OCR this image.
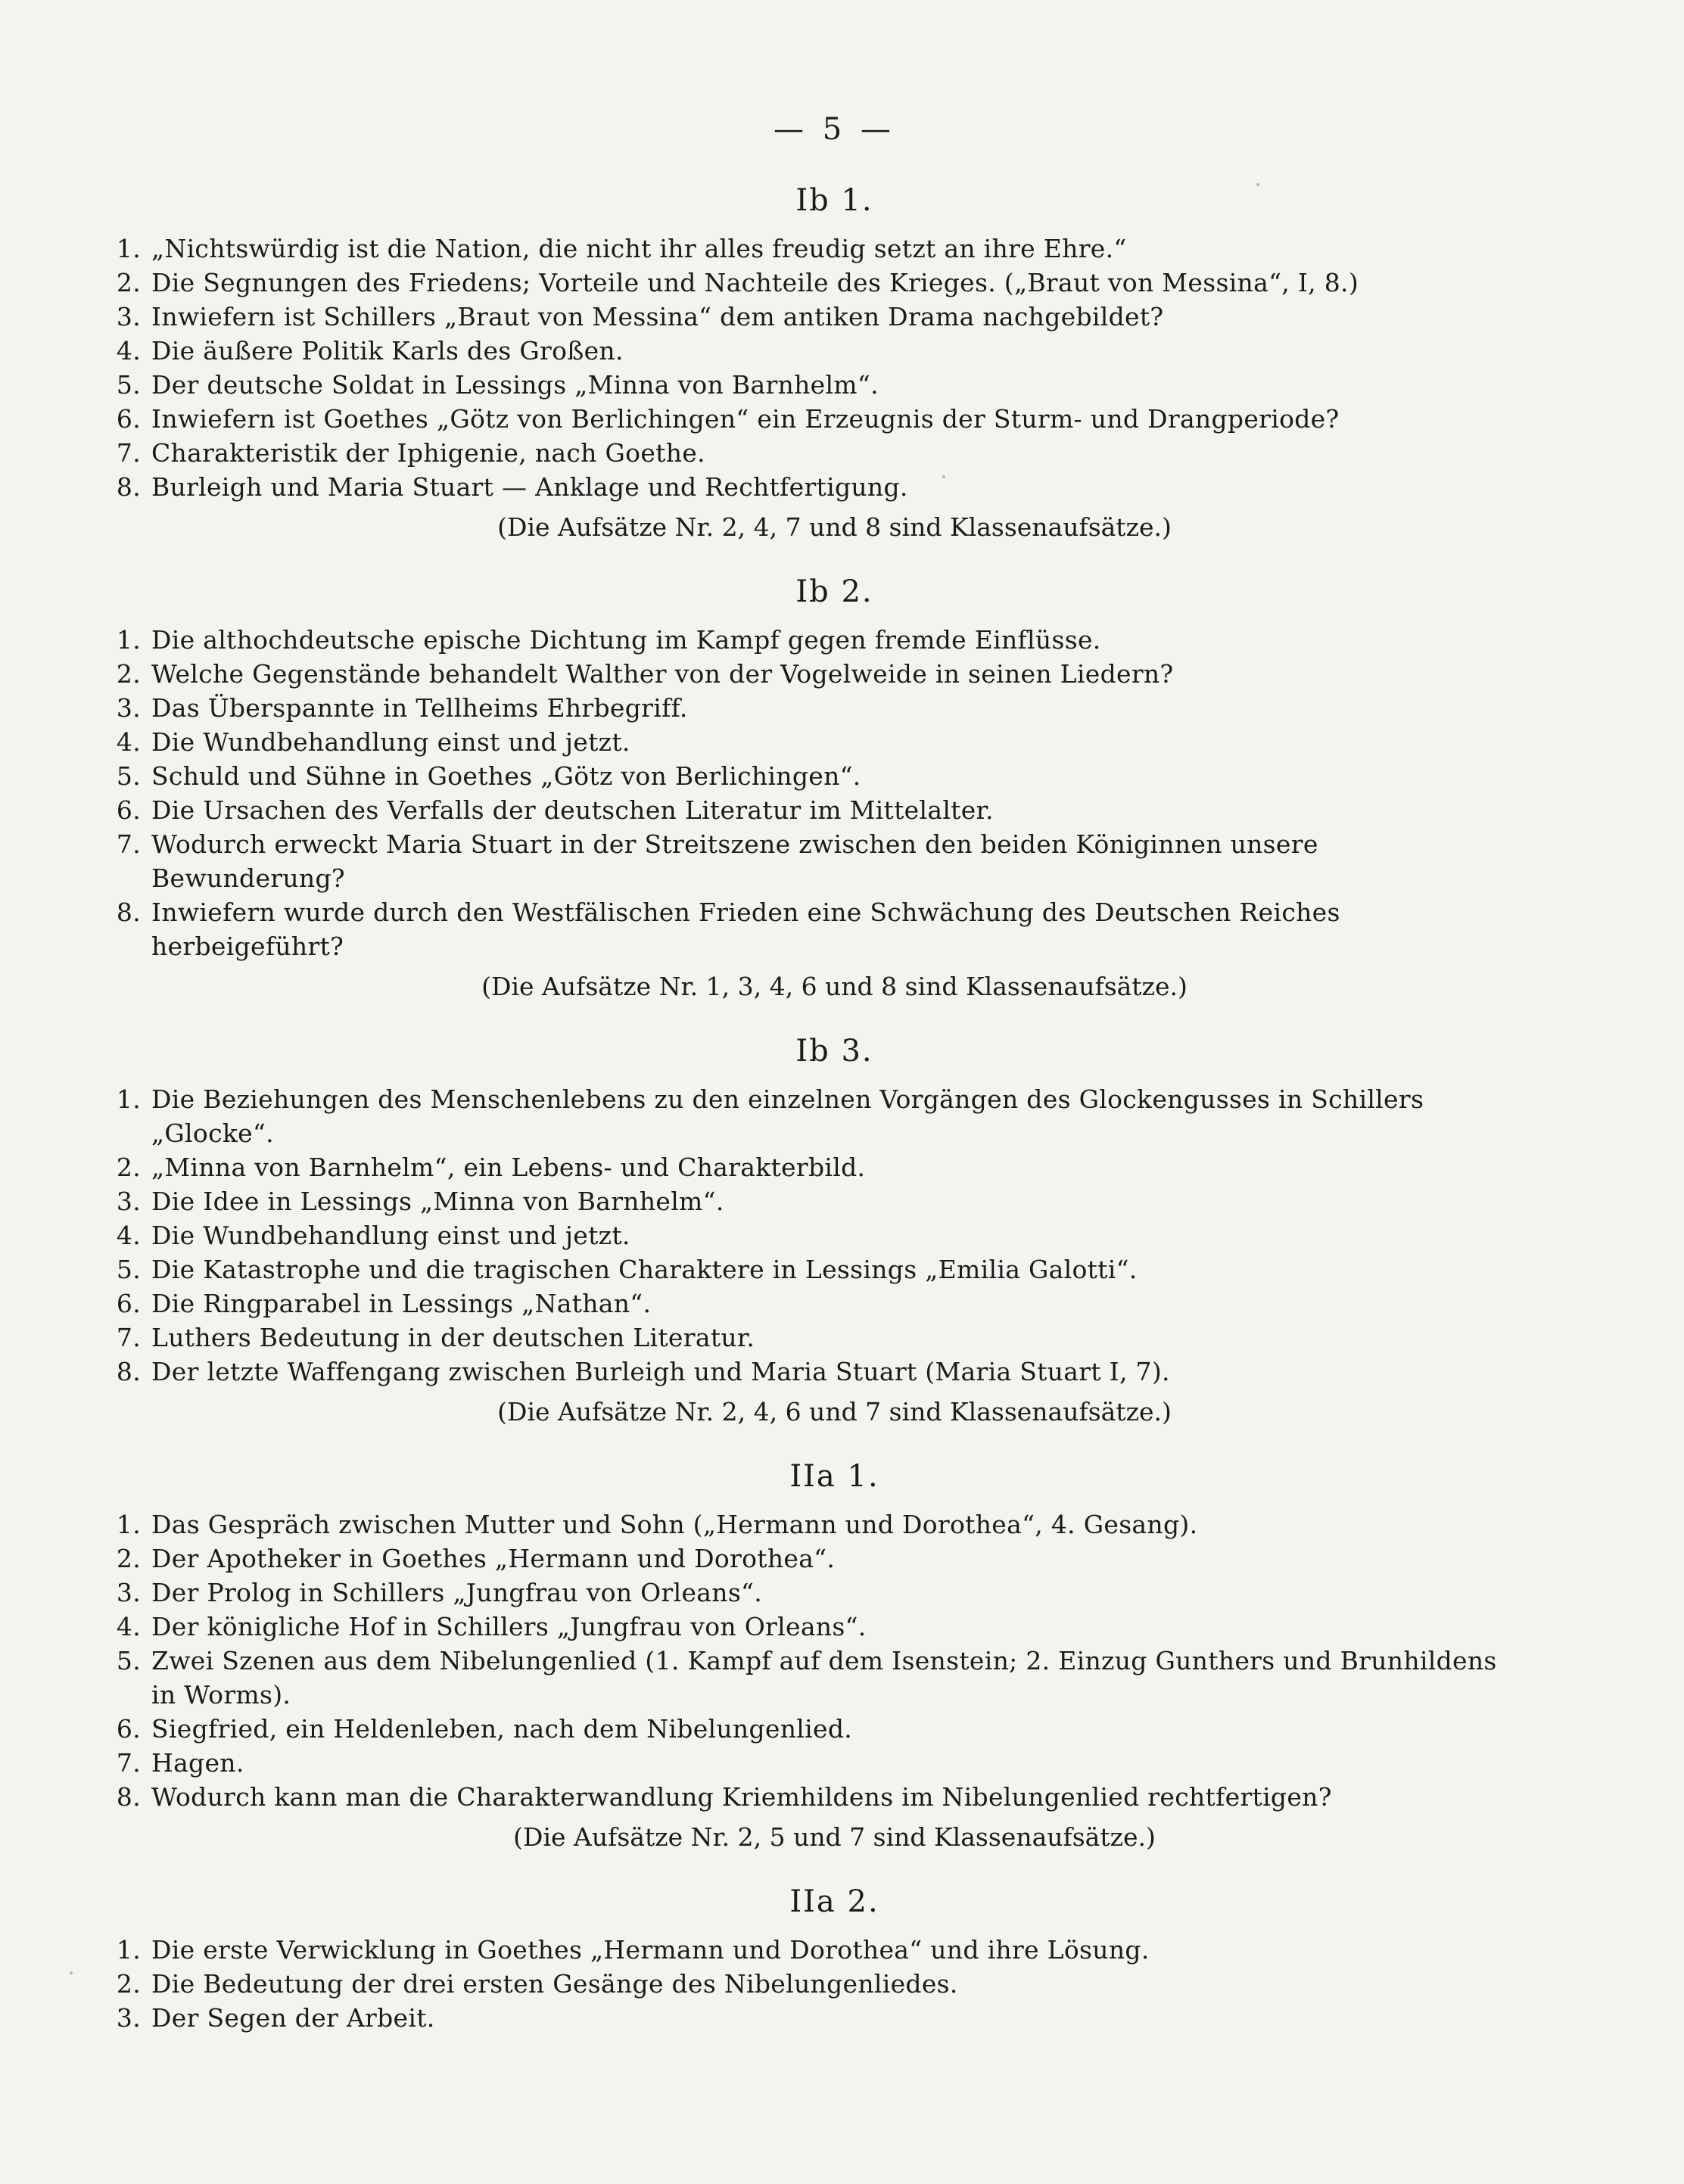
— 5 —
Ib 1.
1. „Nichtswürdig ist die Nation, die nicht ihr alles freudig setzt an ihre Ehre.“
2. Die Segnungen des Friedens; Vorteile und Nachteile des Krieges. („Braut von Messina“, I, 8.)
3. Inwiefern ist Schillers „Braut von Messina“ dem antiken Drama nachgebildet?
4. Die äußere Politik Karls des Großen.
5. Der deutsche Soldat in Lessings „Minna von Barnhelm“.
6. Inwiefern ist Goethes „Götz von Berlichingen“ ein Erzeugnis der Sturm- und Drangperiode?
7. Charakteristik der Iphigenie, nach Goethe.
8. Burleigh und Maria Stuart — Anklage und Rechtfertigung.
(Die Aufsätze Nr. 2, 4, 7 und 8 sind Klassenaufsätze.)
Ib 2.
1. Die althochdeutsche epische Dichtung im Kampf gegen fremde Einflüsse.
2. Welche Gegenstände behandelt Walther von der Vogelweide in seinen Liedern?
3. Das Überspannte in Tellheims Ehrbegriff.
4. Die Wundbehandlung einst und jetzt.
5. Schuld und Sühne in Goethes „Götz von Berlichingen“.
6. Die Ursachen des Verfalls der deutschen Literatur im Mittelalter.
7. Wodurch erweckt Maria Stuart in der Streitszene zwischen den beiden Königinnen unsere Bewunderung?
8. Inwiefern wurde durch den Westfälischen Frieden eine Schwächung des Deutschen Reiches herbeigeführt?
(Die Aufsätze Nr. 1, 3, 4, 6 und 8 sind Klassenaufsätze.)
Ib 3.
1. Die Beziehungen des Menschenlebens zu den einzelnen Vorgängen des Glockengusses in Schillers „Glocke“.
2. „Minna von Barnhelm“, ein Lebens- und Charakterbild.
3. Die Idee in Lessings „Minna von Barnhelm“.
4. Die Wundbehandlung einst und jetzt.
5. Die Katastrophe und die tragischen Charaktere in Lessings „Emilia Galotti“.
6. Die Ringparabel in Lessings „Nathan“.
7. Luthers Bedeutung in der deutschen Literatur.
8. Der letzte Waffengang zwischen Burleigh und Maria Stuart (Maria Stuart I, 7).
(Die Aufsätze Nr. 2, 4, 6 und 7 sind Klassenaufsätze.)
IIa 1.
1. Das Gespräch zwischen Mutter und Sohn („Hermann und Dorothea“, 4. Gesang).
2. Der Apotheker in Goethes „Hermann und Dorothea“.
3. Der Prolog in Schillers „Jungfrau von Orleans“.
4. Der königliche Hof in Schillers „Jungfrau von Orleans“.
5. Zwei Szenen aus dem Nibelungenlied (1. Kampf auf dem Isenstein; 2. Einzug Gunthers und Brunhildens in Worms).
6. Siegfried, ein Heldenleben, nach dem Nibelungenlied.
7. Hagen.
8. Wodurch kann man die Charakterwandlung Kriemhildens im Nibelungenlied rechtfertigen?
(Die Aufsätze Nr. 2, 5 und 7 sind Klassenaufsätze.)
IIa 2.
1. Die erste Verwicklung in Goethes „Hermann und Dorothea“ und ihre Lösung.
2. Die Bedeutung der drei ersten Gesänge des Nibelungenliedes.
3. Der Segen der Arbeit.
